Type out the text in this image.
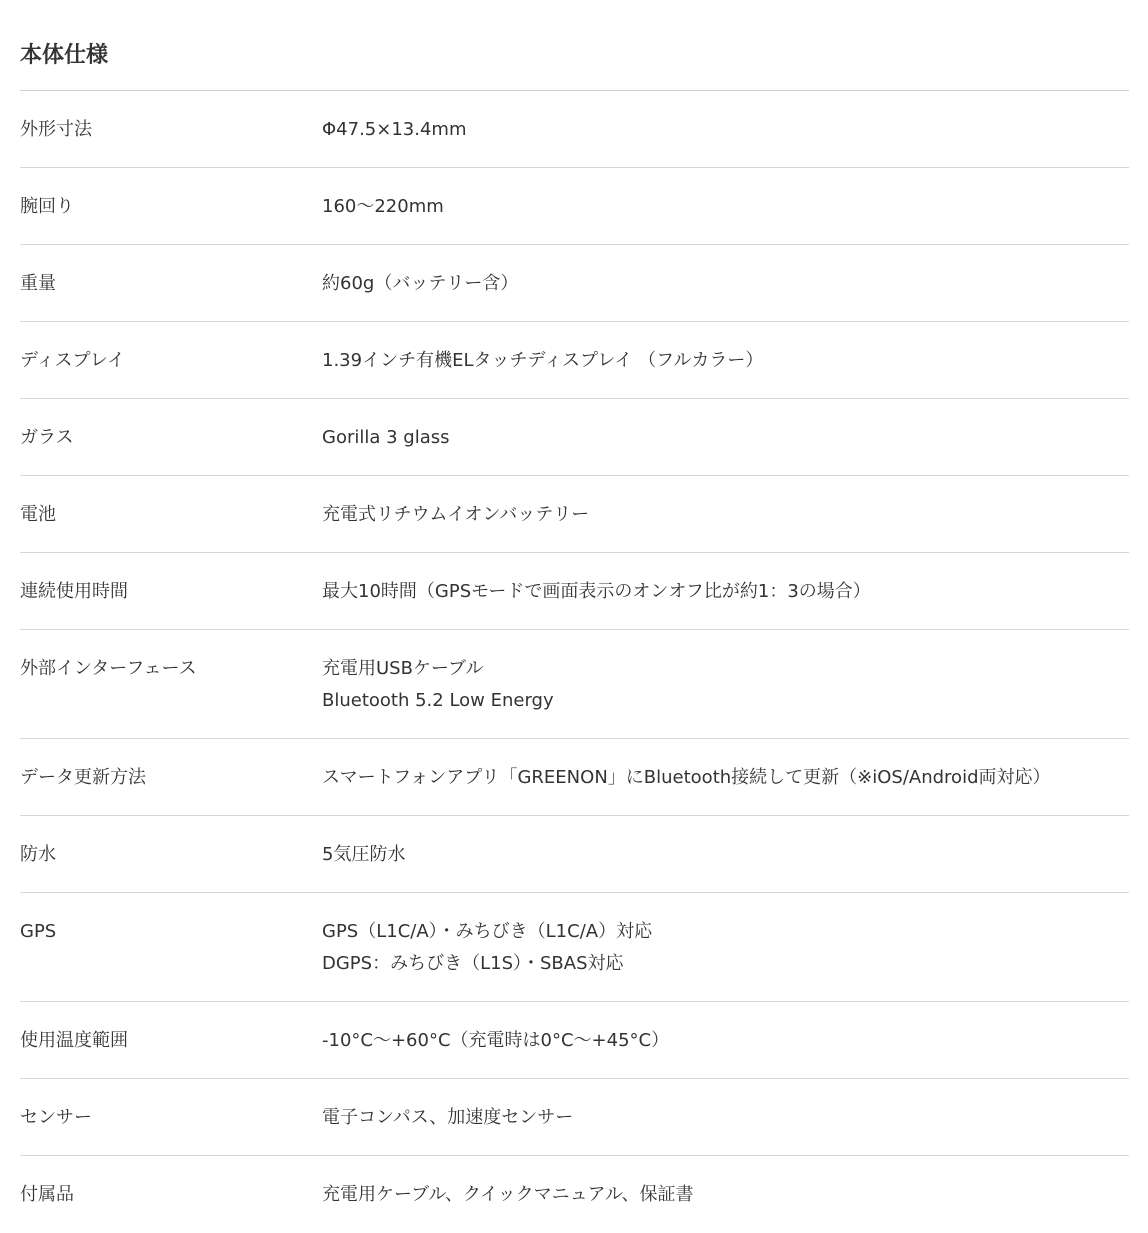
本体仕様
外形寸法	Φ47.5×13.4mm
腕回り	160〜220mm
重量	約60g（バッテリー含）
ディスプレイ	1.39インチ有機ELタッチディスプレイ （フルカラー）
ガラス	Gorilla 3 glass
電池	充電式リチウムイオンバッテリー
連続使用時間	最大10時間（GPSモードで画面表示のオンオフ比が約1：3の場合）
外部インターフェース	充電用USBケーブル
Bluetooth 5.2 Low Energy
データ更新方法	スマートフォンアプリ「GREENON」にBluetooth接続して更新（※iOS/Android両対応）
防水	5気圧防水
GPS	GPS（L1C/A）・みちびき（L1C/A）対応
DGPS：みちびき（L1S）・SBAS対応
使用温度範囲	-10°C〜+60°C（充電時は0°C〜+45°C）
センサー	電子コンパス、加速度センサー
付属品	充電用ケーブル、クイックマニュアル、保証書
